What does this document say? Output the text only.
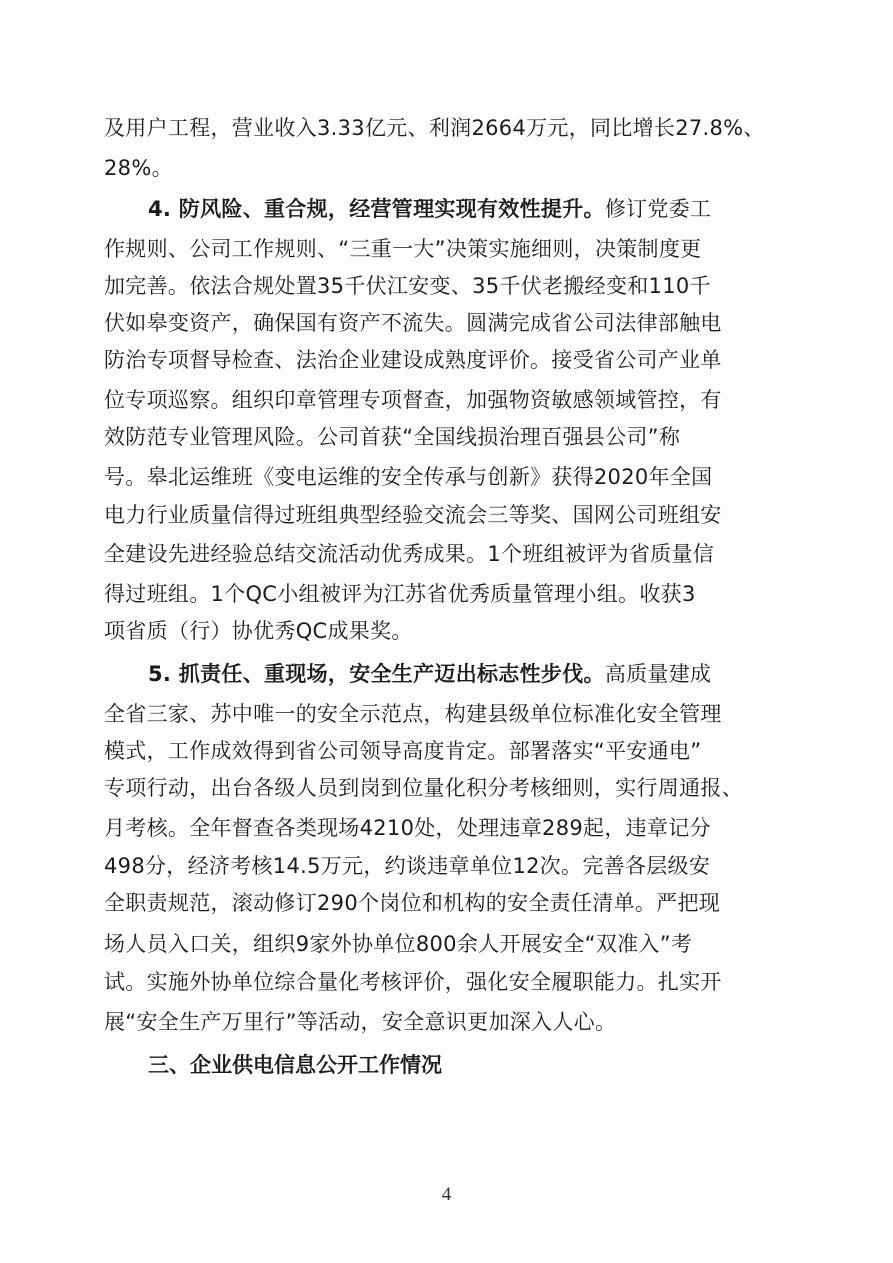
及用户工程，营业收入3.33亿元、利润2664万元，同比增长27.8%、
28%。
4. 防风险、重合规，经营管理实现有效性提升。修订党委工
作规则、公司工作规则、“三重一大”决策实施细则，决策制度更
加完善。依法合规处置35千伏江安变、35千伏老搬经变和110千
伏如皋变资产，确保国有资产不流失。圆满完成省公司法律部触电
防治专项督导检查、法治企业建设成熟度评价。接受省公司产业单
位专项巡察。组织印章管理专项督查，加强物资敏感领域管控，有
效防范专业管理风险。公司首获“全国线损治理百强县公司”称
号。皋北运维班《变电运维的安全传承与创新》获得2020年全国
电力行业质量信得过班组典型经验交流会三等奖、国网公司班组安
全建设先进经验总结交流活动优秀成果。1个班组被评为省质量信
得过班组。1个QC小组被评为江苏省优秀质量管理小组。收获3
项省质（行）协优秀QC成果奖。
5. 抓责任、重现场，安全生产迈出标志性步伐。高质量建成
全省三家、苏中唯一的安全示范点，构建县级单位标准化安全管理
模式，工作成效得到省公司领导高度肯定。部署落实“平安通电”
专项行动，出台各级人员到岗到位量化积分考核细则，实行周通报、
月考核。全年督查各类现场4210处，处理违章289起，违章记分
498分，经济考核14.5万元，约谈违章单位12次。完善各层级安
全职责规范，滚动修订290个岗位和机构的安全责任清单。严把现
场人员入口关，组织9家外协单位800余人开展安全“双准入”考
试。实施外协单位综合量化考核评价，强化安全履职能力。扎实开
展“安全生产万里行”等活动，安全意识更加深入人心。
三、企业供电信息公开工作情况
4
